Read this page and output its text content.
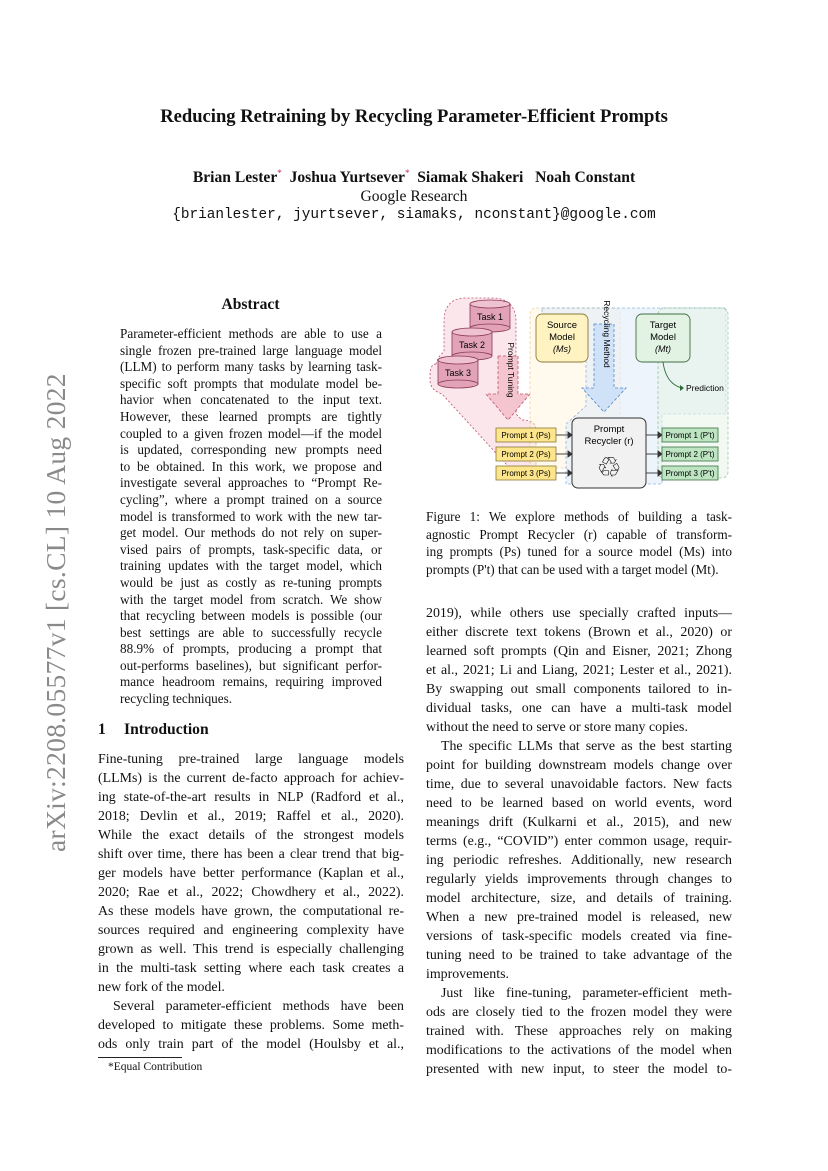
arXiv:2208.05577v1 [cs.CL] 10 Aug 2022
Reducing Retraining by Recycling Parameter-Efficient Prompts
Brian Lester* Joshua Yurtsever* Siamak Shakeri Noah Constant
Google Research
{brianlester, jyurtsever, siamaks, nconstant}@google.com
Abstract
Parameter-efficient methods are able to use a
single frozen pre-trained large language model
(LLM) to perform many tasks by learning task-
specific soft prompts that modulate model be-
havior when concatenated to the input text.
However, these learned prompts are tightly
coupled to a given frozen model—if the model
is updated, corresponding new prompts need
to be obtained. In this work, we propose and
investigate several approaches to “Prompt Re-
cycling”, where a prompt trained on a source
model is transformed to work with the new tar-
get model. Our methods do not rely on super-
vised pairs of prompts, task-specific data, or
training updates with the target model, which
would be just as costly as re-tuning prompts
with the target model from scratch. We show
that recycling between models is possible (our
best settings are able to successfully recycle
88.9% of prompts, producing a prompt that
out-performs baselines), but significant perfor-
mance headroom remains, requiring improved
recycling techniques.
1 Introduction
Fine-tuning pre-trained large language models
(LLMs) is the current de-facto approach for achiev-
ing state-of-the-art results in NLP (Radford et al.,
2018; Devlin et al., 2019; Raffel et al., 2020).
While the exact details of the strongest models
shift over time, there has been a clear trend that big-
ger models have better performance (Kaplan et al.,
2020; Rae et al., 2022; Chowdhery et al., 2022).
As these models have grown, the computational re-
sources required and engineering complexity have
grown as well. This trend is especially challenging
in the multi-task setting where each task creates a
new fork of the model.
Several parameter-efficient methods have been
developed to mitigate these problems. Some meth-
ods only train part of the model (Houlsby et al.,
*Equal Contribution
Task 1
Task 2
Task 3	Prompt Tuning
Source
Model
(Ms)	Recycling Method	Target
Model
(Mt)
Prediction
Prompt
Recycler (r)
♲
Prompt 1 (Ps)
Prompt 2 (Ps)
Prompt 3 (Ps)
Prompt 1 (P't)
Prompt 2 (P't)
Prompt 3 (P't)
Figure 1: We explore methods of building a task-
agnostic Prompt Recycler (r) capable of transform-
ing prompts (Ps) tuned for a source model (Ms) into
prompts (P't) that can be used with a target model (Mt).
2019), while others use specially crafted inputs—
either discrete text tokens (Brown et al., 2020) or
learned soft prompts (Qin and Eisner, 2021; Zhong
et al., 2021; Li and Liang, 2021; Lester et al., 2021).
By swapping out small components tailored to in-
dividual tasks, one can have a multi-task model
without the need to serve or store many copies.
The specific LLMs that serve as the best starting
point for building downstream models change over
time, due to several unavoidable factors. New facts
need to be learned based on world events, word
meanings drift (Kulkarni et al., 2015), and new
terms (e.g., “COVID”) enter common usage, requir-
ing periodic refreshes. Additionally, new research
regularly yields improvements through changes to
model architecture, size, and details of training.
When a new pre-trained model is released, new
versions of task-specific models created via fine-
tuning need to be trained to take advantage of the
improvements.
Just like fine-tuning, parameter-efficient meth-
ods are closely tied to the frozen model they were
trained with. These approaches rely on making
modifications to the activations of the model when
presented with new input, to steer the model to-
